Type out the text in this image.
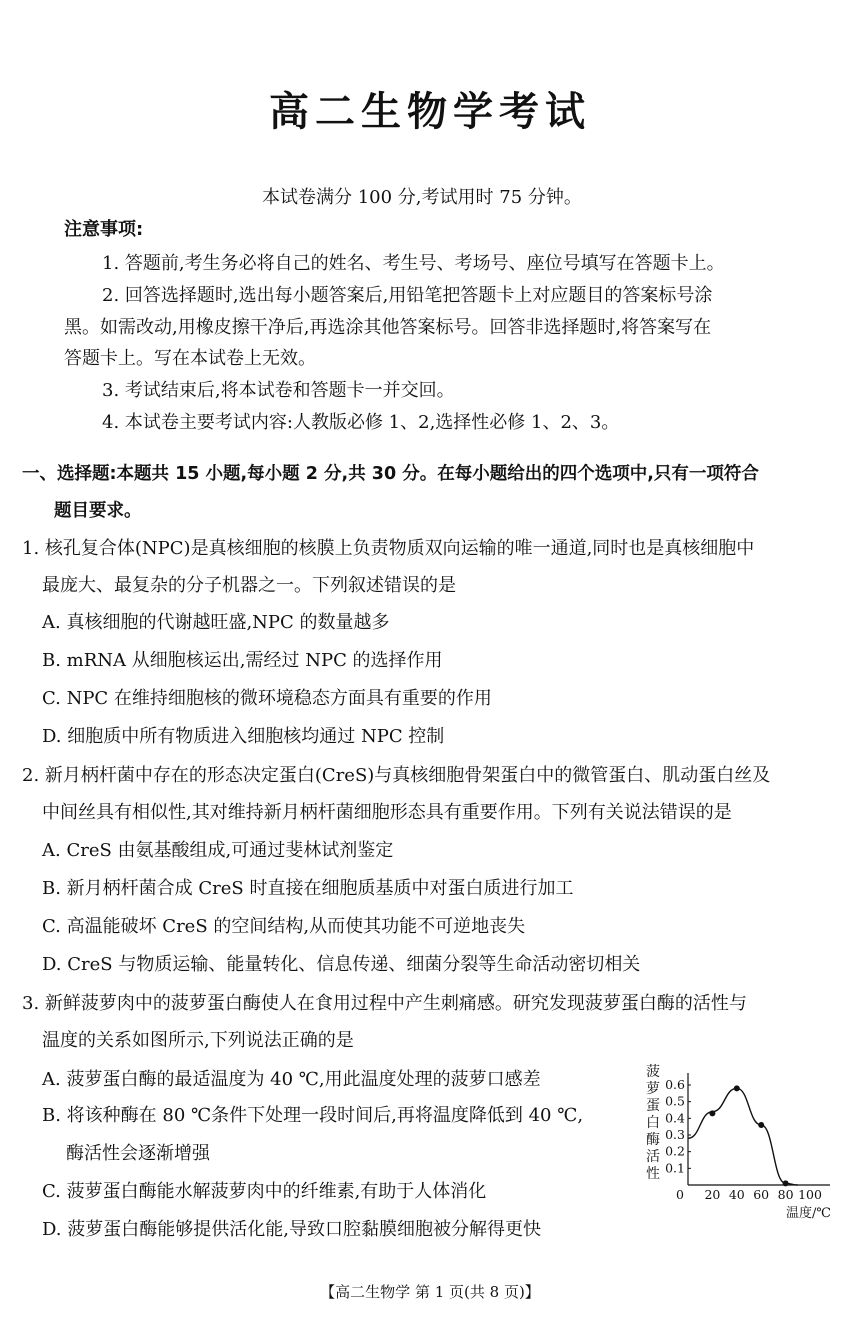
高二生物学考试
本试卷满分 100 分,考试用时 75 分钟。
注意事项:
1. 答题前,考生务必将自己的姓名、考生号、考场号、座位号填写在答题卡上。
2. 回答选择题时,选出每小题答案后,用铅笔把答题卡上对应题目的答案标号涂
黑。如需改动,用橡皮擦干净后,再选涂其他答案标号。回答非选择题时,将答案写在
答题卡上。写在本试卷上无效。
3. 考试结束后,将本试卷和答题卡一并交回。
4. 本试卷主要考试内容:人教版必修 1、2,选择性必修 1、2、3。
一、选择题:本题共 15 小题,每小题 2 分,共 30 分。在每小题给出的四个选项中,只有一项符合
题目要求。
1. 核孔复合体(NPC)是真核细胞的核膜上负责物质双向运输的唯一通道,同时也是真核细胞中
最庞大、最复杂的分子机器之一。下列叙述错误的是
A. 真核细胞的代谢越旺盛,NPC 的数量越多
B. mRNA 从细胞核运出,需经过 NPC 的选择作用
C. NPC 在维持细胞核的微环境稳态方面具有重要的作用
D. 细胞质中所有物质进入细胞核均通过 NPC 控制
2. 新月柄杆菌中存在的形态决定蛋白(CreS)与真核细胞骨架蛋白中的微管蛋白、肌动蛋白丝及
中间丝具有相似性,其对维持新月柄杆菌细胞形态具有重要作用。下列有关说法错误的是
A. CreS 由氨基酸组成,可通过斐林试剂鉴定
B. 新月柄杆菌合成 CreS 时直接在细胞质基质中对蛋白质进行加工
C. 高温能破坏 CreS 的空间结构,从而使其功能不可逆地丧失
D. CreS 与物质运输、能量转化、信息传递、细菌分裂等生命活动密切相关
3. 新鲜菠萝肉中的菠萝蛋白酶使人在食用过程中产生刺痛感。研究发现菠萝蛋白酶的活性与
温度的关系如图所示,下列说法正确的是
A. 菠萝蛋白酶的最适温度为 40 ℃,用此温度处理的菠萝口感差
B. 将该种酶在 80 ℃条件下处理一段时间后,再将温度降低到 40 ℃,
酶活性会逐渐增强
C. 菠萝蛋白酶能水解菠萝肉中的纤维素,有助于人体消化
D. 菠萝蛋白酶能够提供活化能,导致口腔黏膜细胞被分解得更快
菠
萝
蛋
白
酶
活
性 0.1
0.2
0.3
0.4
0.5
0.6
0 20 40 60 80 100
温度/℃
【高二生物学 第 1 页(共 8 页)】
